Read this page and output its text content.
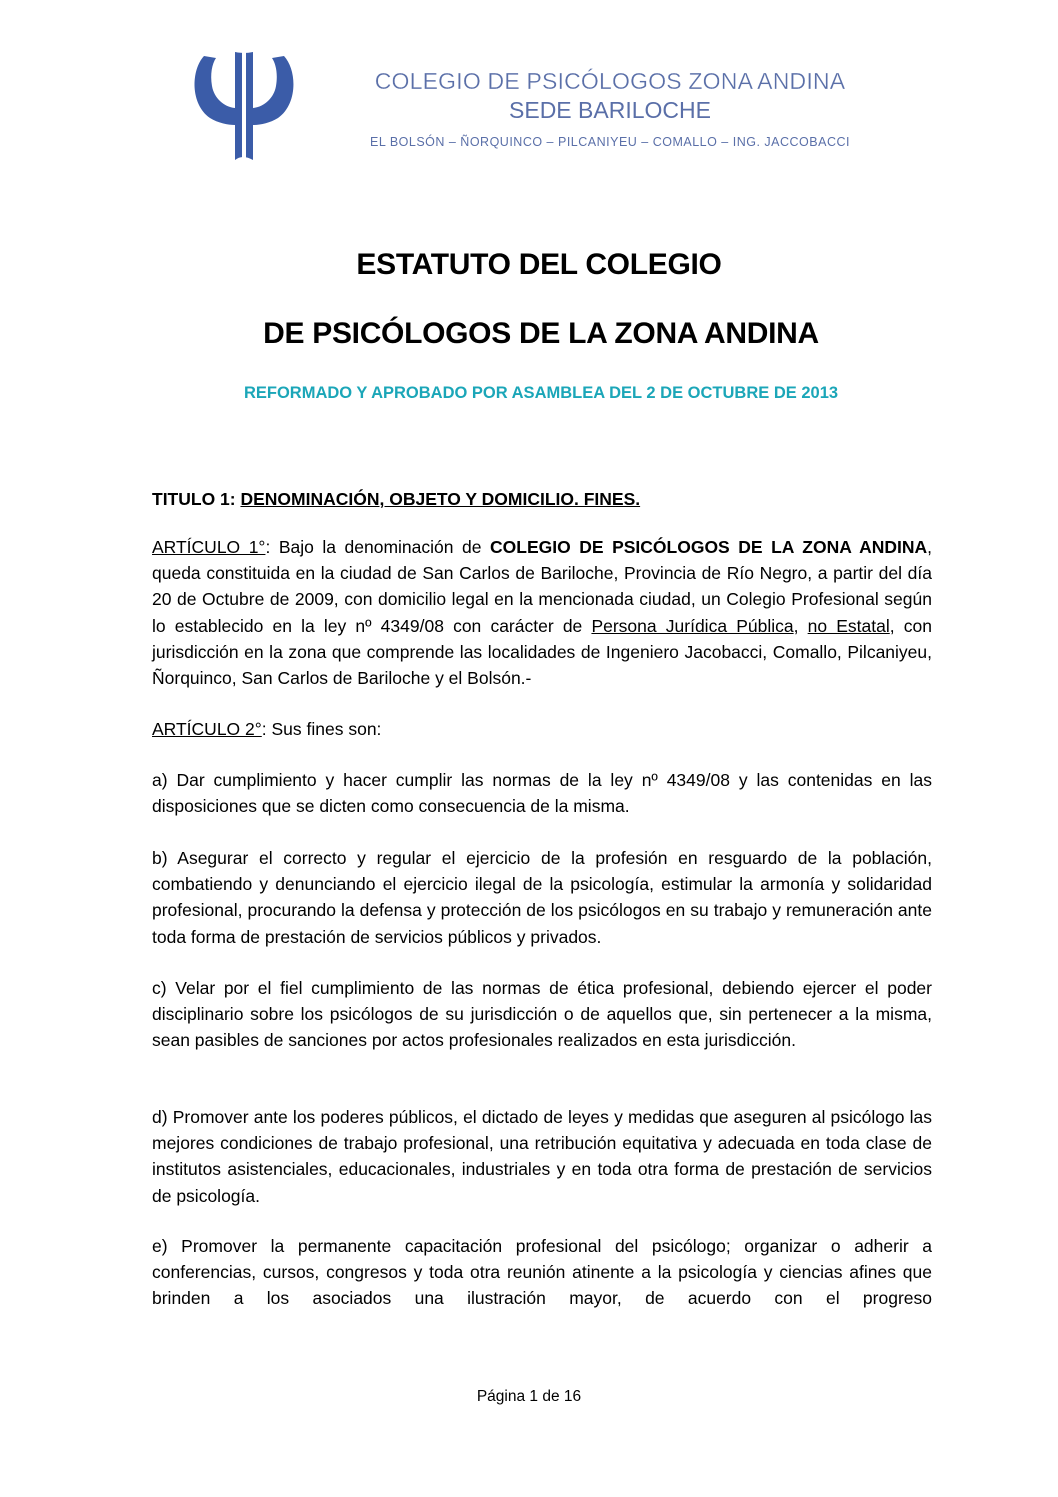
COLEGIO DE PSICÓLOGOS ZONA ANDINA
SEDE BARILOCHE
EL BOLSÓN – ÑORQUINCO – PILCANIYEU – COMALLO – ING. JACCOBACCI
ESTATUTO DEL COLEGIO
DE PSICÓLOGOS DE LA ZONA ANDINA
REFORMADO Y APROBADO POR ASAMBLEA DEL 2 DE OCTUBRE DE 2013
TITULO 1: DENOMINACIÓN, OBJETO Y DOMICILIO. FINES.
ARTÍCULO 1°: Bajo la denominación de COLEGIO DE PSICÓLOGOS DE LA ZONA ANDINA, queda constituida en la ciudad de San Carlos de Bariloche, Provincia de Río Negro, a partir del día 20 de Octubre de 2009, con domicilio legal en la mencionada ciudad, un Colegio Profesional según lo establecido en la ley nº 4349/08 con carácter de Persona Jurídica Pública, no Estatal, con jurisdicción en la zona que comprende las localidades de Ingeniero Jacobacci, Comallo, Pilcaniyeu, Ñorquinco, San Carlos de Bariloche y el Bolsón.-
ARTÍCULO 2°: Sus fines son:
a) Dar cumplimiento y hacer cumplir las normas de la ley nº 4349/08 y las contenidas en las disposiciones que se dicten como consecuencia de la misma.
b) Asegurar el correcto y regular el ejercicio de la profesión en resguardo de la población, combatiendo y denunciando el ejercicio ilegal de la psicología, estimular la armonía y solidaridad profesional, procurando la defensa y protección de los psicólogos en su trabajo y remuneración ante toda forma de prestación de servicios públicos y privados.
c) Velar por el fiel cumplimiento de las normas de ética profesional, debiendo ejercer el poder disciplinario sobre los psicólogos de su jurisdicción o de aquellos que, sin pertenecer a la misma, sean pasibles de sanciones por actos profesionales realizados en esta jurisdicción.
d) Promover ante los poderes públicos, el dictado de leyes y medidas que aseguren al psicólogo las mejores condiciones de trabajo profesional, una retribución equitativa y adecuada en toda clase de institutos asistenciales, educacionales, industriales y en toda otra forma de prestación de servicios de psicología.
e) Promover la permanente capacitación profesional del psicólogo; organizar o adherir a conferencias, cursos, congresos y toda otra reunión atinente a la psicología y ciencias afines que brinden a los asociados una ilustración mayor, de acuerdo con el progreso
Página 1 de 16
